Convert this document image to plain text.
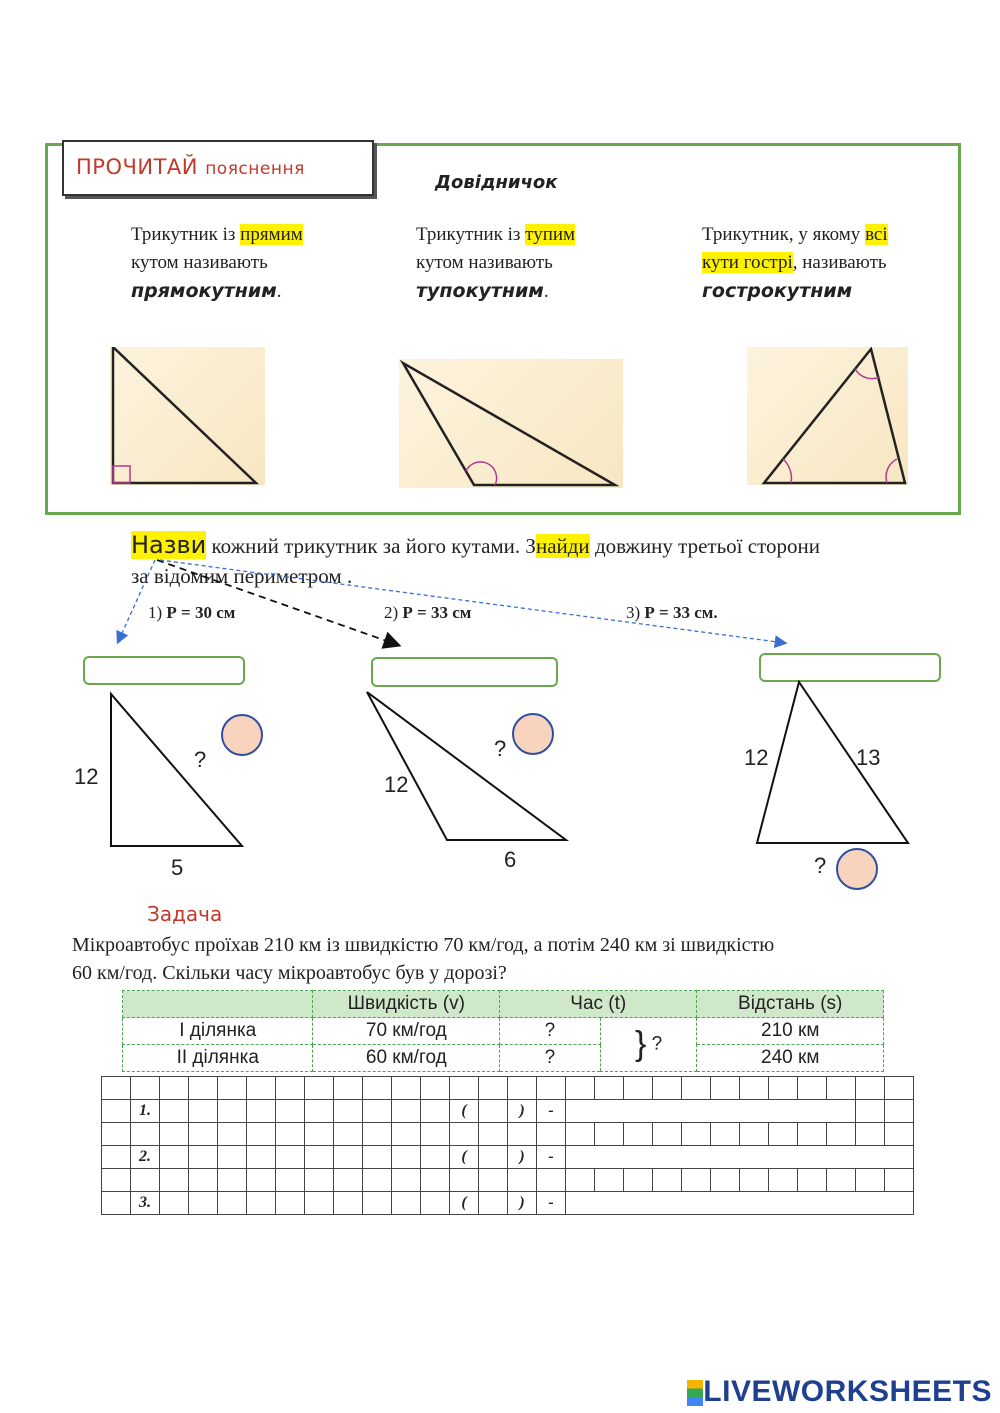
ПРОЧИТАЙ пояснення
Довідничок
Трикутник із прямим
кутом називають
прямокутним.
Трикутник із тупим
кутом називають
тупокутним.
Трикутник, у якому всі
кути гострі, називають
гострокутним
Назви кожний трикутник за його кутами. Знайди довжину третьої сторони
за відомим периметром .
1) Р = 30 см	2) Р = 33 см	3) Р = 33 см.
12
5
?
12
6
?	12	13
?
Задача
Мікроавтобус проїхав 210 км із швидкістю 70 км/год, а потім 240 км зі швидкістю
60 км/год. Скільки часу мікроавтобус був у дорозі?
	Швидкість (v)	Час (t)		Відстань (s)
I ділянка	70 км/год	?	} ?	210 км
II ділянка	60 км/год	?		240 км

	1.											(		)	-												

	2.											(		)	-												

	3.											(		)	-												
LIVEWORKSHEETS
